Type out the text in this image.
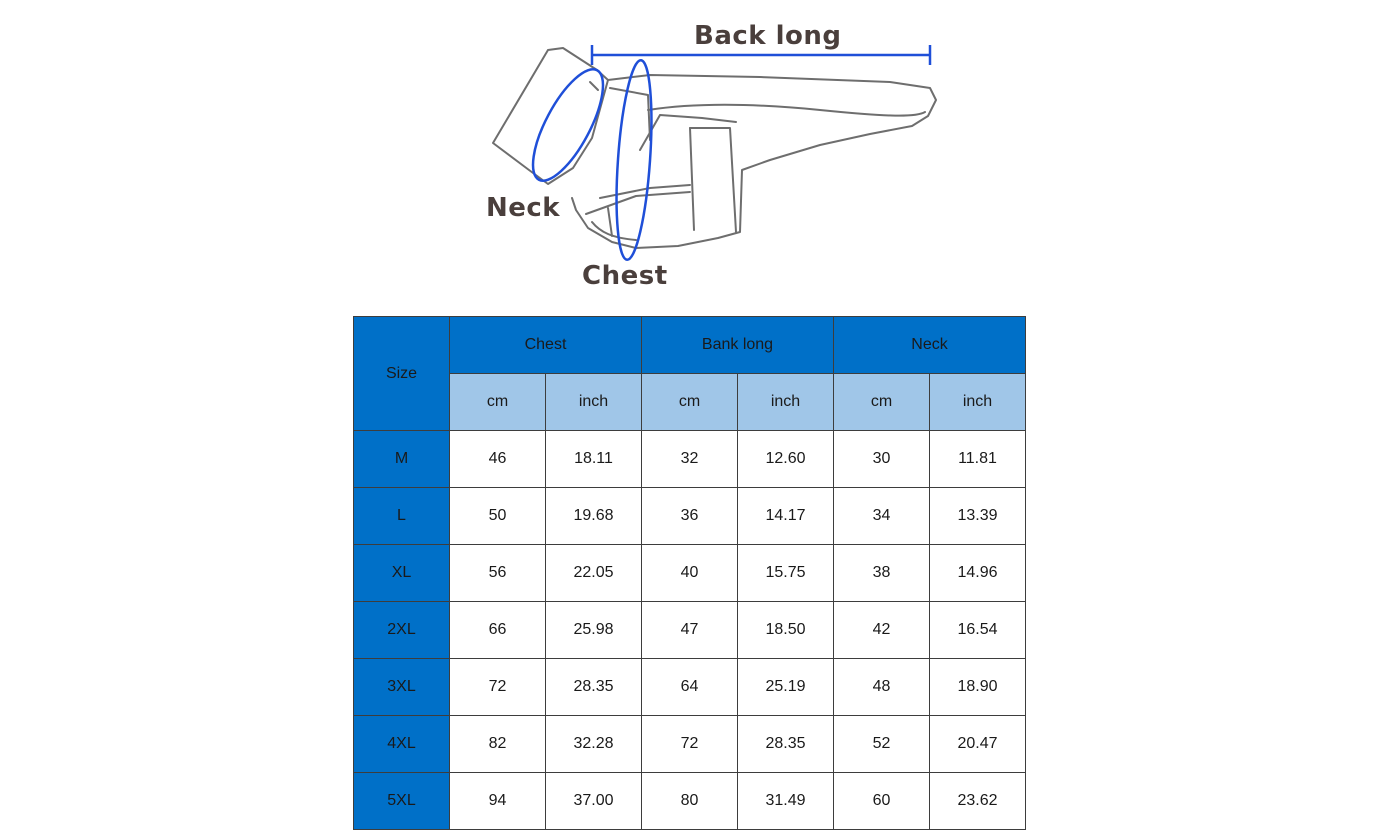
Back long
Neck
Chest
Size	Chest		Bank long		Neck	
	cm	inch	cm	inch	cm	inch
M	46	18.11	32	12.60	30	11.81
L	50	19.68	36	14.17	34	13.39
XL	56	22.05	40	15.75	38	14.96
2XL	66	25.98	47	18.50	42	16.54
3XL	72	28.35	64	25.19	48	18.90
4XL	82	32.28	72	28.35	52	20.47
5XL	94	37.00	80	31.49	60	23.62
